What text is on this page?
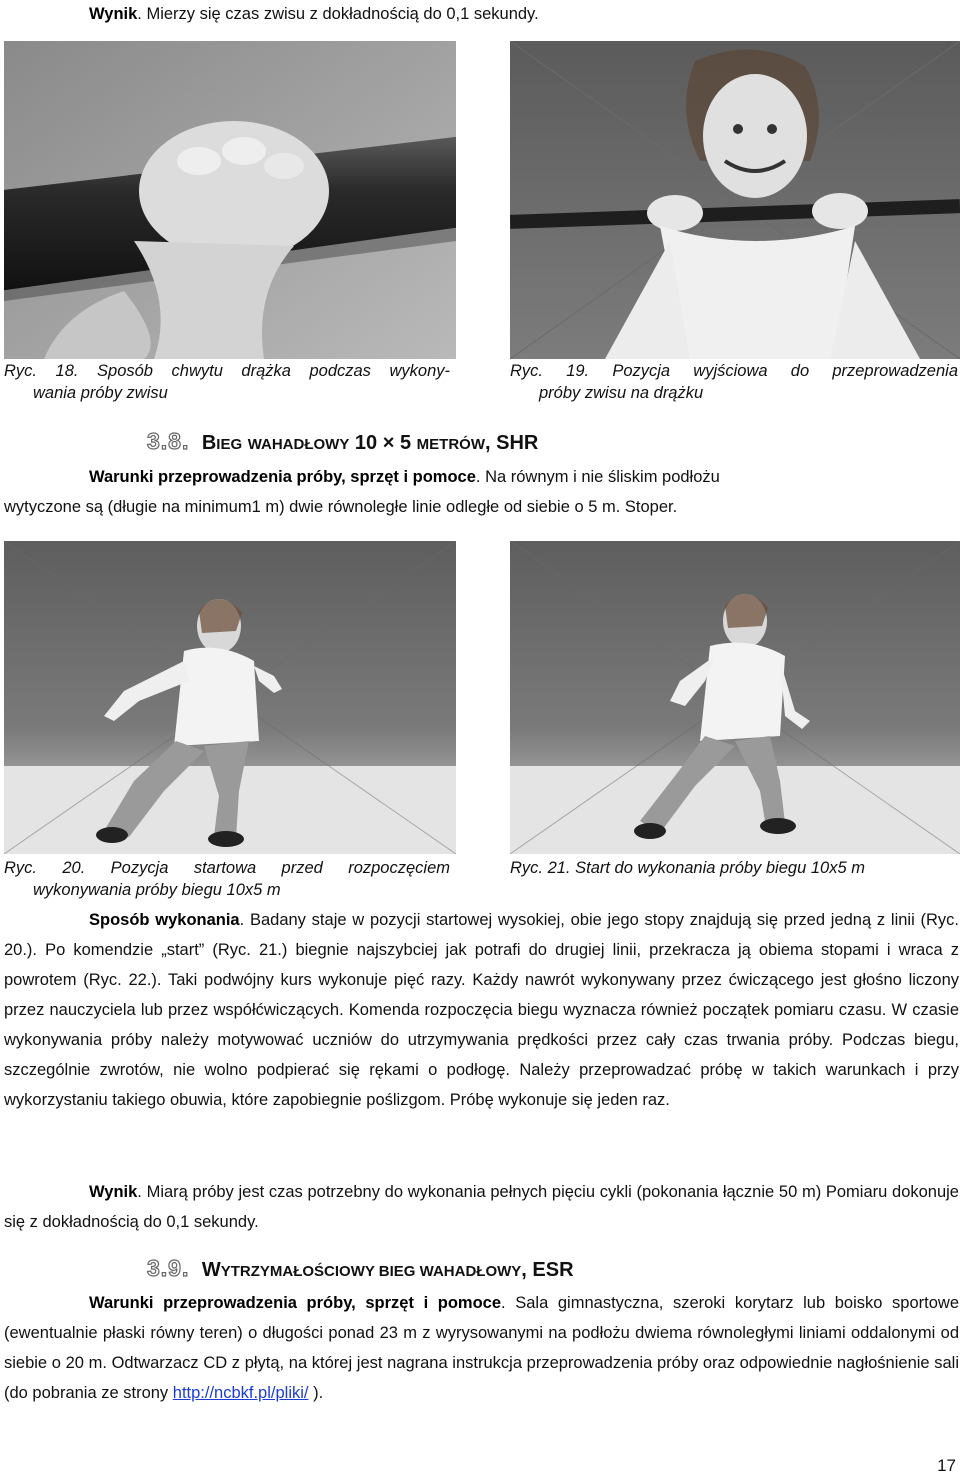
Wynik. Mierzy się czas zwisu z dokładnością do 0,1 sekundy.
Ryc. 18. Sposób chwytu drążka podczas wykony-
wania próby zwisu
Ryc. 19. Pozycja wyjściowa do przeprowadzenia
próby zwisu na drążku
3.8. BIEG WAHADŁOWY 10 × 5 METRÓW, SHR
Warunki przeprowadzenia próby, sprzęt i pomoce. Na równym i nie śliskim podłożu
wytyczone są (długie na minimum1 m) dwie równoległe linie odległe od siebie o 5 m. Stoper.
Ryc. 20. Pozycja startowa przed rozpoczęciem
wykonywania próby biegu 10x5 m
Ryc. 21. Start do wykonania próby biegu 10x5 m
Sposób wykonania. Badany staje w pozycji startowej wysokiej, obie jego stopy znajdują się przed jedną z linii (Ryc. 20.). Po komendzie „start” (Ryc. 21.) biegnie najszybciej jak potrafi do drugiej linii, przekracza ją obiema stopami i wraca z powrotem (Ryc. 22.). Taki podwójny kurs wykonuje pięć razy. Każdy nawrót wykonywany przez ćwiczącego jest głośno liczony przez nauczyciela lub przez współćwiczących. Komenda rozpoczęcia biegu wyznacza również początek pomiaru czasu. W czasie wykonywania próby należy motywować uczniów do utrzymywania prędkości przez cały czas trwania próby. Podczas biegu, szczególnie zwrotów, nie wolno podpierać się rękami o podłogę. Należy przeprowadzać próbę w takich warunkach i przy wykorzystaniu takiego obuwia, które zapobiegnie poślizgom. Próbę wykonuje się jeden raz.
Wynik. Miarą próby jest czas potrzebny do wykonania pełnych pięciu cykli (pokonania łącznie 50 m) Pomiaru dokonuje się z dokładnością do 0,1 sekundy.
3.9. WYTRZYMAŁOŚCIOWY BIEG WAHADŁOWY, ESR
Warunki przeprowadzenia próby, sprzęt i pomoce. Sala gimnastyczna, szeroki korytarz lub boisko sportowe (ewentualnie płaski równy teren) o długości ponad 23 m z wyrysowanymi na podłożu dwiema równoległymi liniami oddalonymi od siebie o 20 m. Odtwarzacz CD z płytą, na której jest nagrana instrukcja przeprowadzenia próby oraz odpowiednie nagłośnienie sali (do pobrania ze strony http://ncbkf.pl/pliki/ ).
17
